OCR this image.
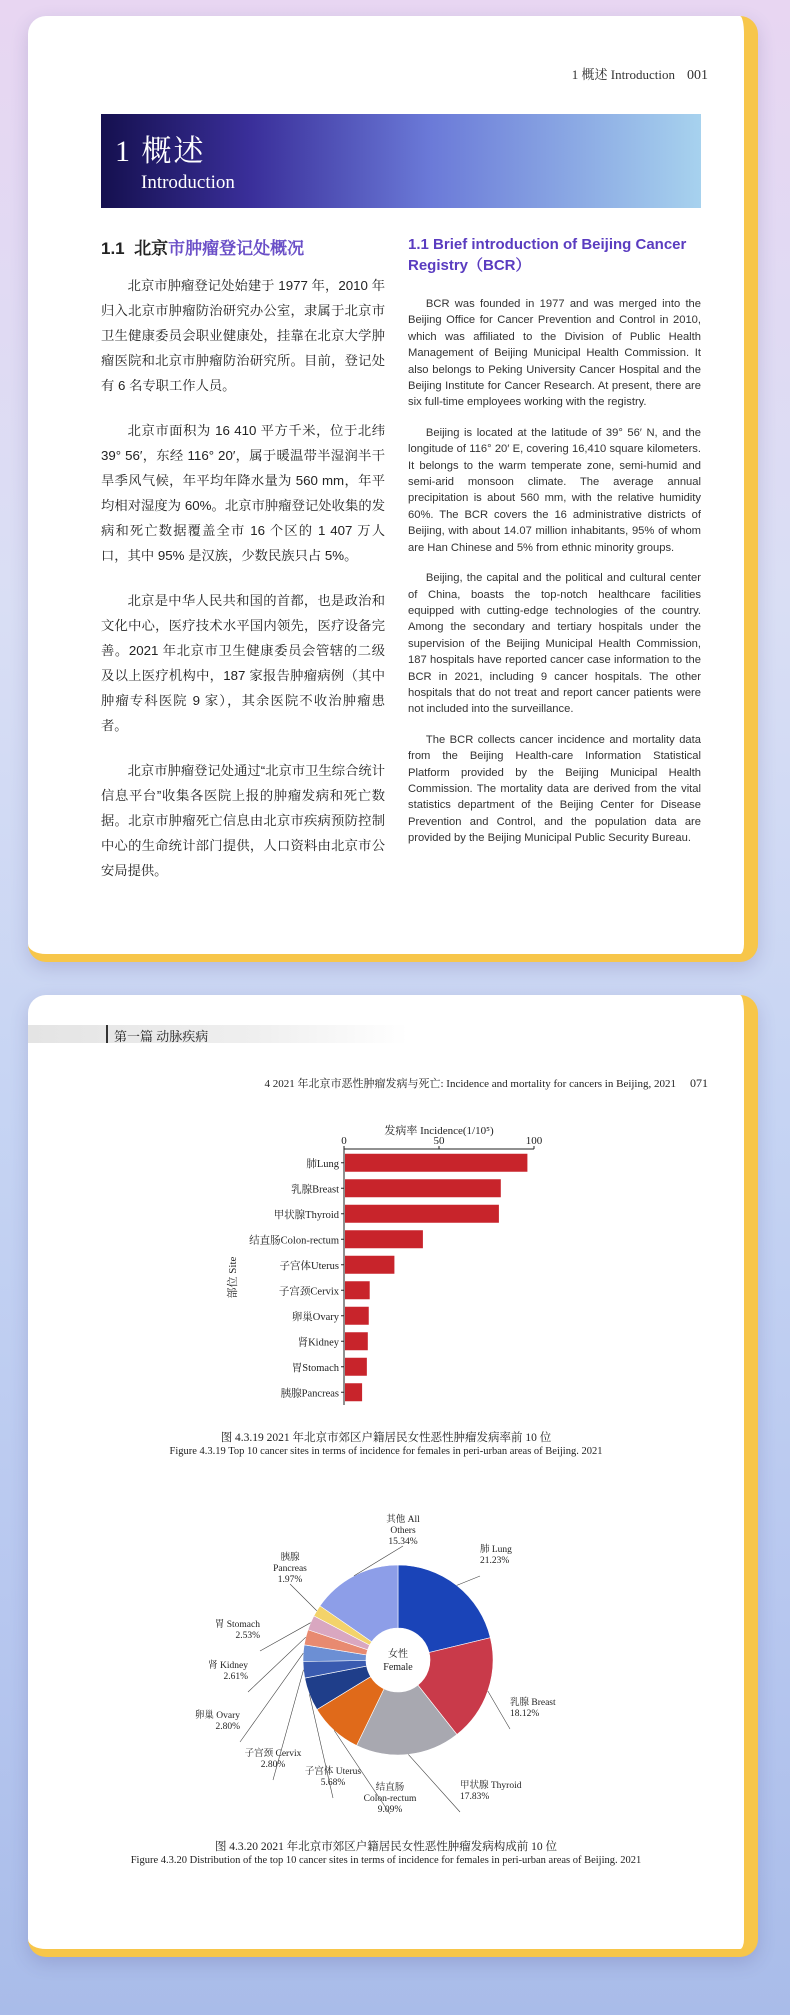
1 概述 Introduction 001
1 概述
Introduction
1.1 北京市肿瘤登记处概况

北京市肿瘤登记处始建于 1977 年，2010 年归入北京市肿瘤防治研究办公室，隶属于北京市卫生健康委员会职业健康处，挂靠在北京大学肿瘤医院和北京市肿瘤防治研究所。目前，登记处有 6 名专职工作人员。

北京市面积为 16 410 平方千米，位于北纬 39° 56′，东经 116° 20′，属于暖温带半湿润半干旱季风气候，年平均年降水量为 560 mm，年平均相对湿度为 60%。北京市肿瘤登记处收集的发病和死亡数据覆盖全市 16 个区的 1 407 万人口，其中 95% 是汉族，少数民族只占 5%。

北京是中华人民共和国的首都，也是政治和文化中心，医疗技术水平国内领先，医疗设备完善。2021 年北京市卫生健康委员会管辖的二级及以上医疗机构中，187 家报告肿瘤病例（其中肿瘤专科医院 9 家），其余医院不收治肿瘤患者。

北京市肿瘤登记处通过“北京市卫生综合统计信息平台”收集各医院上报的肿瘤发病和死亡数据。北京市肿瘤死亡信息由北京市疾病预防控制中心的生命统计部门提供，人口资料由北京市公安局提供。

1.1 Brief introduction of Beijing Cancer Registry（BCR）

BCR was founded in 1977 and was merged into the Beijing Office for Cancer Prevention and Control in 2010, which was affiliated to the Division of Public Health Management of Beijing Municipal Health Commission. It also belongs to Peking University Cancer Hospital and the Beijing Institute for Cancer Research. At present, there are six full-time employees working with the registry.

Beijing is located at the latitude of 39° 56′ N, and the longitude of 116° 20′ E, covering 16,410 square kilometers. It belongs to the warm temperate zone, semi-humid and semi-arid monsoon climate. The average annual precipitation is about 560 mm, with the relative humidity 60%. The BCR covers the 16 administrative districts of Beijing, with about 14.07 million inhabitants, 95% of whom are Han Chinese and 5% from ethnic minority groups.

Beijing, the capital and the political and cultural center of China, boasts the top-notch healthcare facilities equipped with cutting-edge technologies of the country. Among the secondary and tertiary hospitals under the supervision of the Beijing Municipal Health Commission, 187 hospitals have reported cancer case information to the BCR in 2021, including 9 cancer hospitals. The other hospitals that do not treat and report cancer patients were not included into the surveillance.

The BCR collects cancer incidence and mortality data from the Beijing Health-care Information Statistical Platform provided by the Beijing Municipal Health Commission. The mortality data are derived from the vital statistics department of the Beijing Center for Disease Prevention and Control, and the population data are provided by the Beijing Municipal Public Security Bureau.

第一篇 动脉疾病
4 2021 年北京市恶性肿瘤发病与死亡: Incidence and mortality for cancers in Beijing, 2021 071
发病率 Incidence(1/10⁵)
0	50	100
肺Lung
乳腺Breast
甲状腺Thyroid
结直肠Colon-rectum
子宫体Uterus
子宫颈Cervix
卵巢Ovary
肾Kidney
胃Stomach
胰腺Pancreas
部位 Site
图 4.3.19 2021 年北京市郊区户籍居民女性恶性肿瘤发病率前 10 位
Figure 4.3.19 Top 10 cancer sites in terms of incidence for females in peri-urban areas of Beijing. 2021
肺 Lung
21.23%
乳腺 Breast
18.12%
甲状腺 Thyroid
17.83%
结直肠
Colon-rectum
9.09%
子宫体 Uterus
5.68%
子宫颈 Cervix
2.80%
卵巢 Ovary
2.80%
肾 Kidney
2.61%
胃 Stomach
2.53%
胰腺
Pancreas
1.97%
其他 All
Others
15.34%
女性
Female
图 4.3.20 2021 年北京市郊区户籍居民女性恶性肿瘤发病构成前 10 位
Figure 4.3.20 Distribution of the top 10 cancer sites in terms of incidence for females in peri-urban areas of Beijing. 2021
